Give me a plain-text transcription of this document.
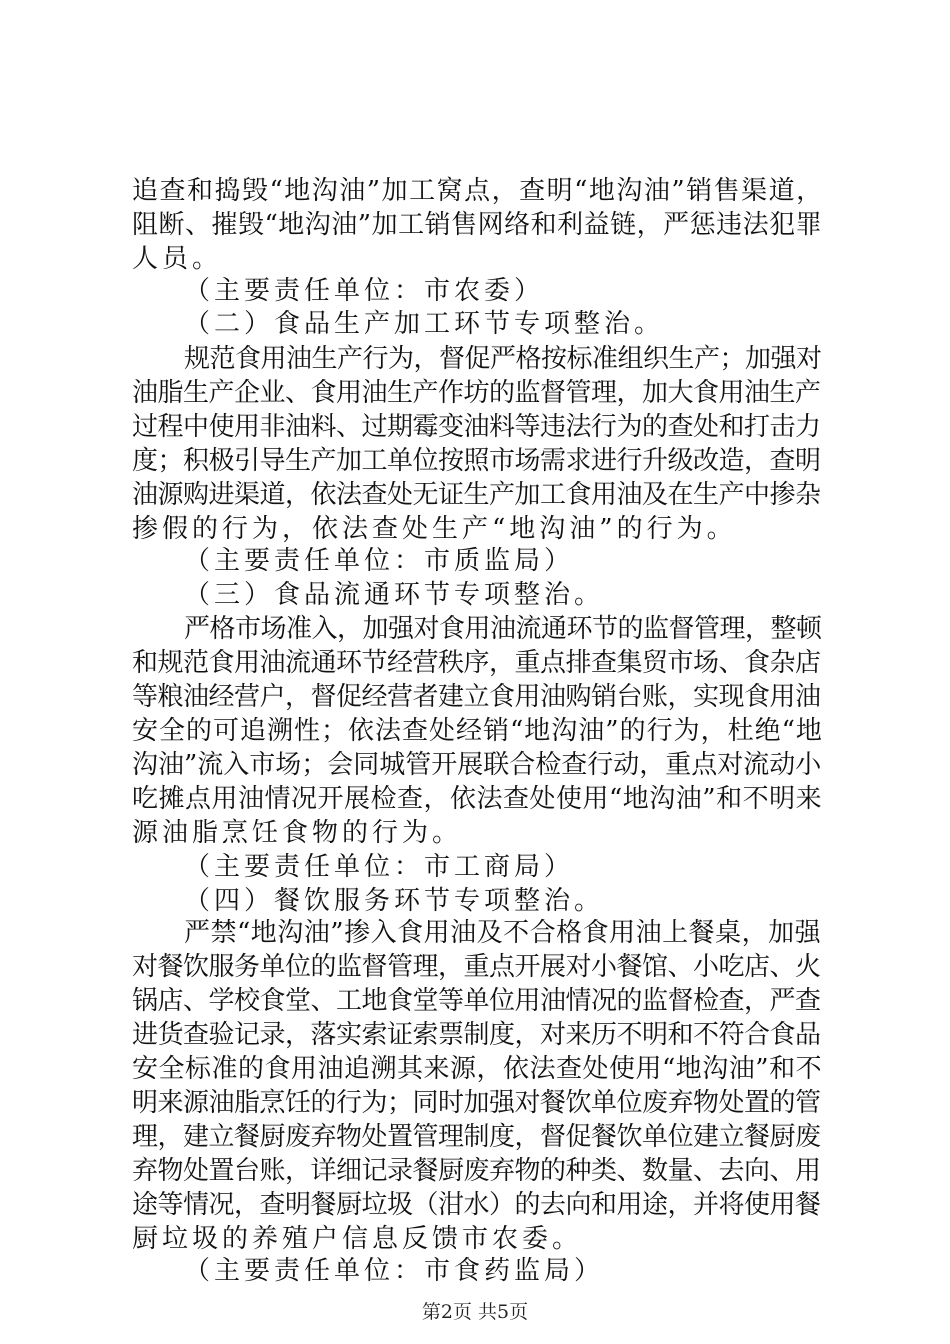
追查和捣毁“地沟油”加工窝点，查明“地沟油”销售渠道，
阻断、摧毁“地沟油”加工销售网络和利益链，严惩违法犯罪
人员。
（主要责任单位：市农委）
（二）食品生产加工环节专项整治。
规范食用油生产行为，督促严格按标准组织生产；加强对
油脂生产企业、食用油生产作坊的监督管理，加大食用油生产
过程中使用非油料、过期霉变油料等违法行为的查处和打击力
度；积极引导生产加工单位按照市场需求进行升级改造，查明
油源购进渠道，依法查处无证生产加工食用油及在生产中掺杂
掺假的行为，依法查处生产“地沟油”的行为。
（主要责任单位：市质监局）
（三）食品流通环节专项整治。
严格市场准入，加强对食用油流通环节的监督管理，整顿
和规范食用油流通环节经营秩序，重点排查集贸市场、食杂店
等粮油经营户，督促经营者建立食用油购销台账，实现食用油
安全的可追溯性；依法查处经销“地沟油”的行为，杜绝“地
沟油”流入市场；会同城管开展联合检查行动，重点对流动小
吃摊点用油情况开展检查，依法查处使用“地沟油”和不明来
源油脂烹饪食物的行为。
（主要责任单位：市工商局）
（四）餐饮服务环节专项整治。
严禁“地沟油”掺入食用油及不合格食用油上餐桌，加强
对餐饮服务单位的监督管理，重点开展对小餐馆、小吃店、火
锅店、学校食堂、工地食堂等单位用油情况的监督检查，严查
进货查验记录，落实索证索票制度，对来历不明和不符合食品
安全标准的食用油追溯其来源，依法查处使用“地沟油”和不
明来源油脂烹饪的行为；同时加强对餐饮单位废弃物处置的管
理，建立餐厨废弃物处置管理制度，督促餐饮单位建立餐厨废
弃物处置台账，详细记录餐厨废弃物的种类、数量、去向、用
途等情况，查明餐厨垃圾（泔水）的去向和用途，并将使用餐
厨垃圾的养殖户信息反馈市农委。
（主要责任单位：市食药监局）
第2页 共5页
